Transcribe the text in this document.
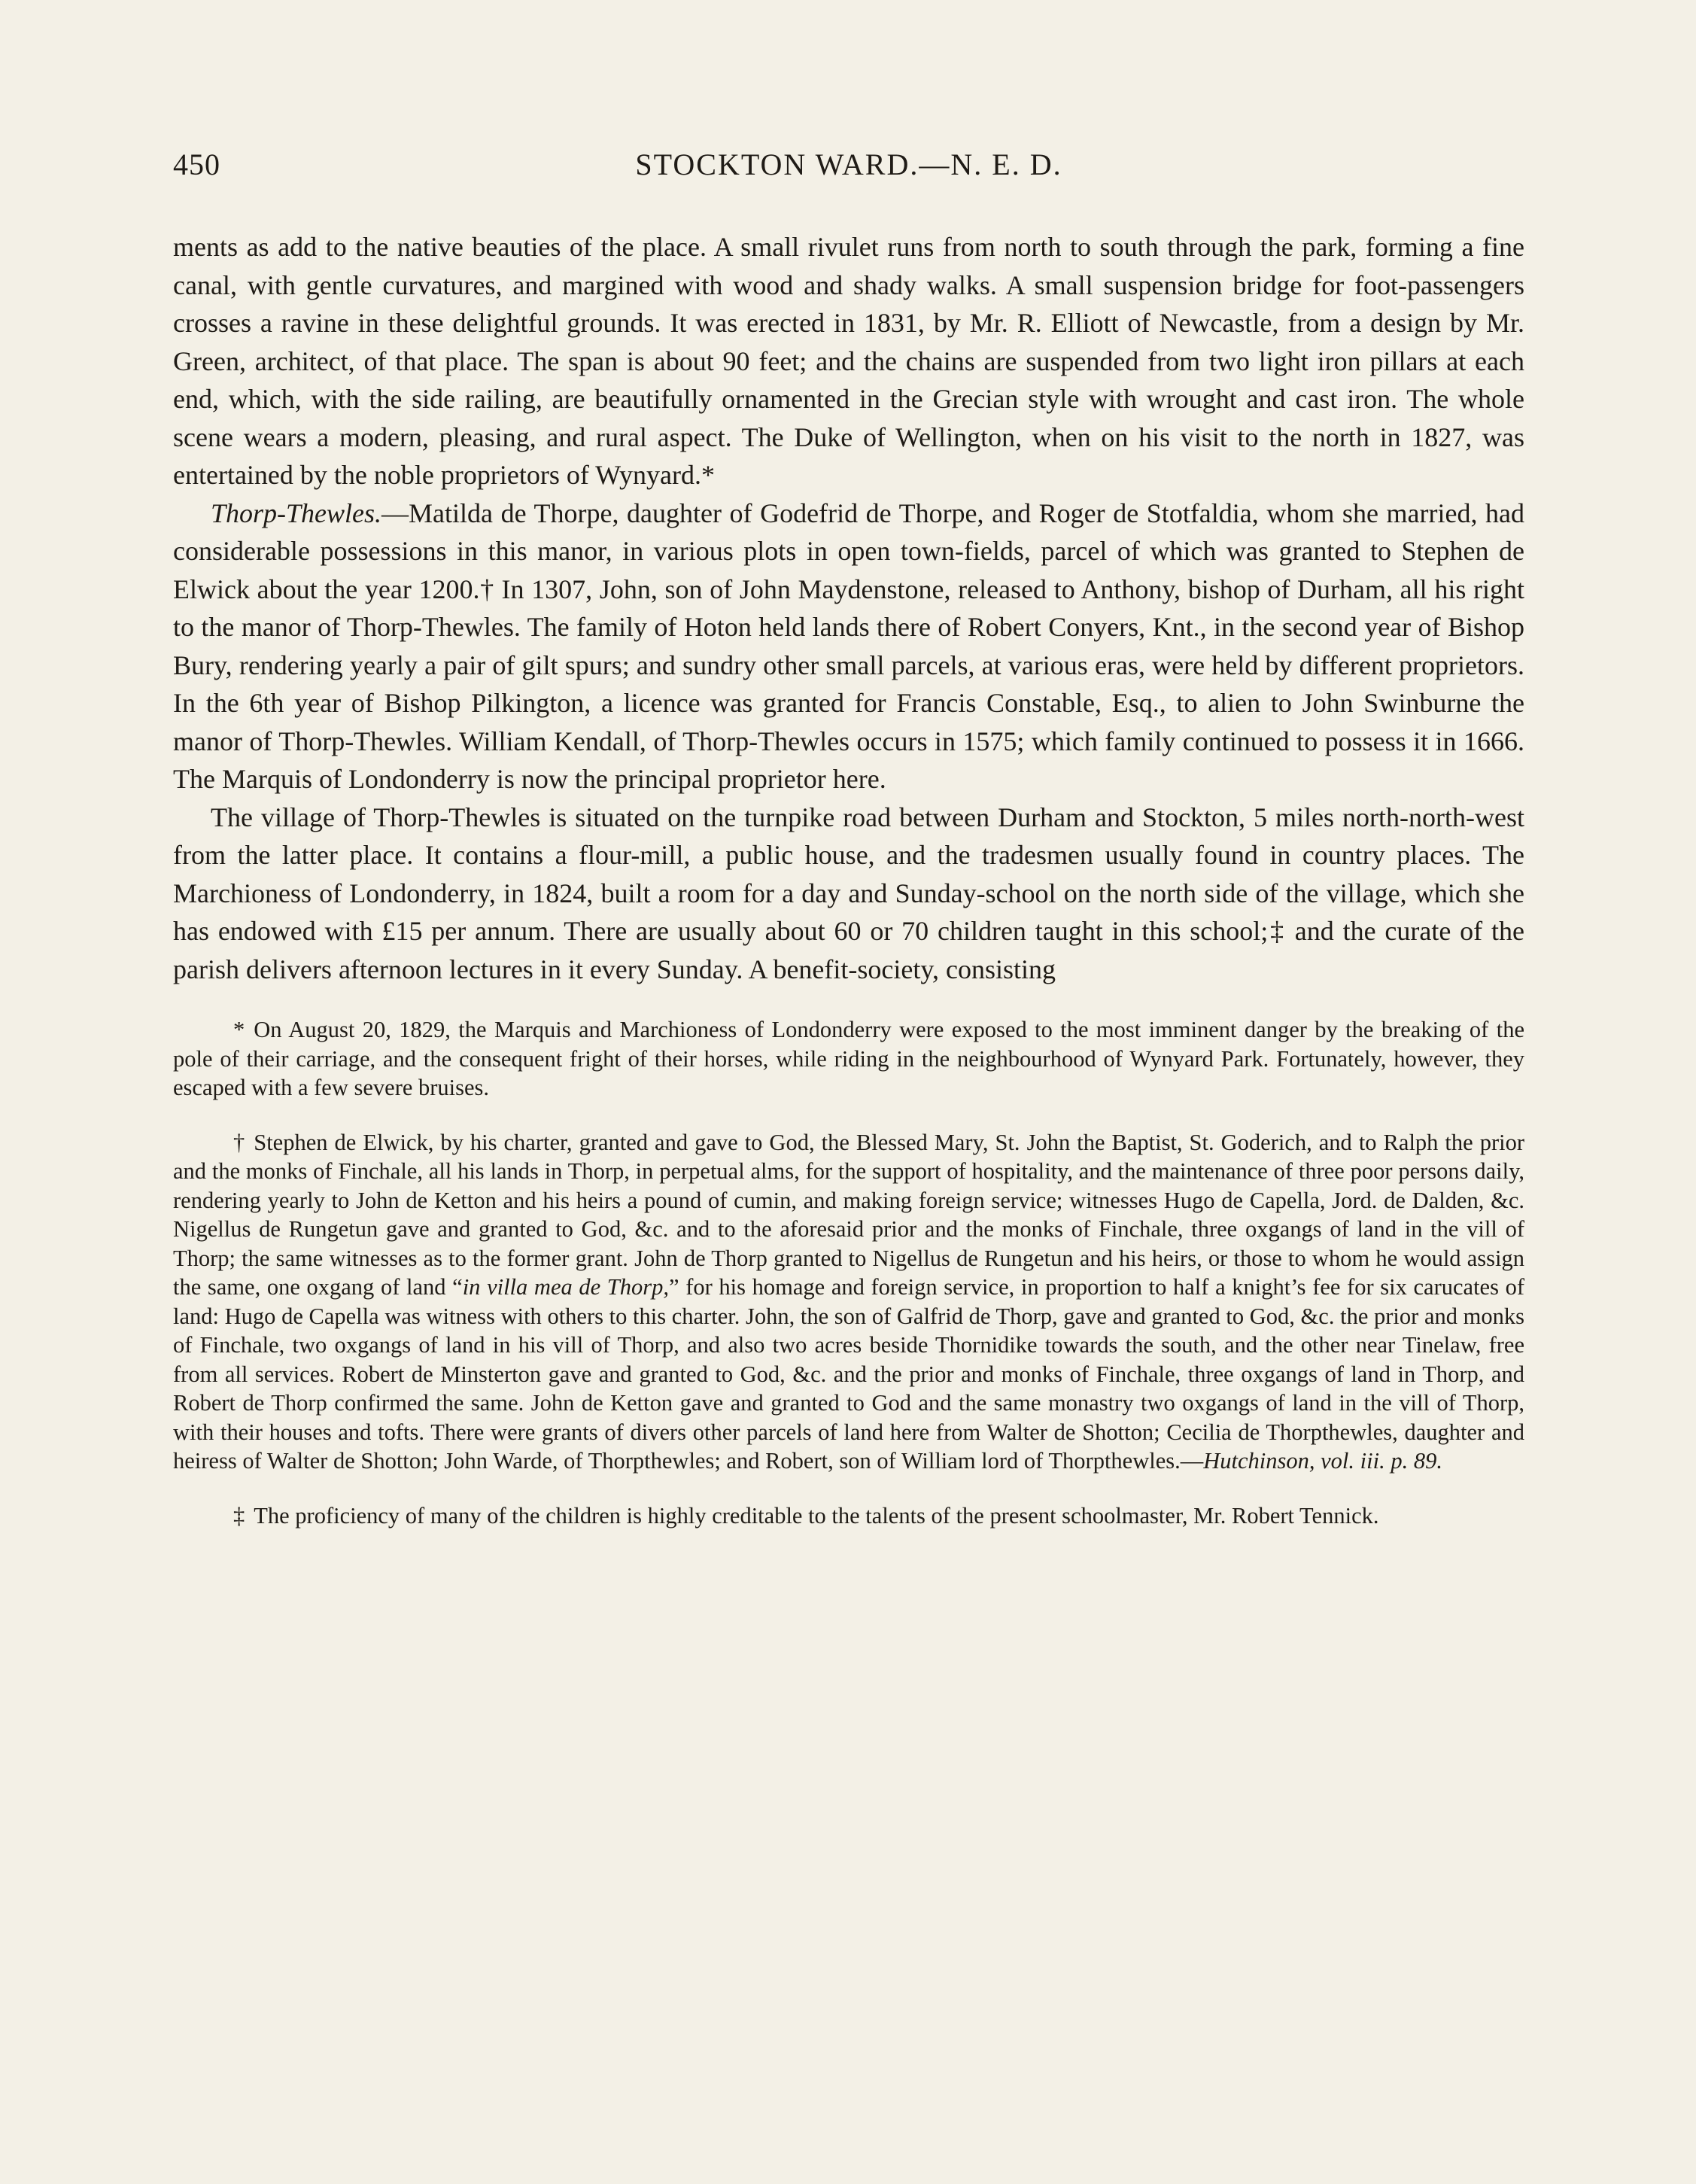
450	STOCKTON WARD.—N. E. D.

ments as add to the native beauties of the place. A small rivulet runs from north to south through the park, forming a fine canal, with gentle curvatures, and margined with wood and shady walks. A small suspension bridge for foot-passengers crosses a ravine in these delightful grounds. It was erected in 1831, by Mr. R. Elliott of Newcastle, from a design by Mr. Green, architect, of that place. The span is about 90 feet; and the chains are suspended from two light iron pillars at each end, which, with the side railing, are beautifully ornamented in the Grecian style with wrought and cast iron. The whole scene wears a modern, pleasing, and rural aspect. The Duke of Wellington, when on his visit to the north in 1827, was entertained by the noble proprietors of Wynyard.*

Thorp-Thewles.—Matilda de Thorpe, daughter of Godefrid de Thorpe, and Roger de Stotfaldia, whom she married, had considerable possessions in this manor, in various plots in open town-fields, parcel of which was granted to Stephen de Elwick about the year 1200.† In 1307, John, son of John Maydenstone, released to Anthony, bishop of Durham, all his right to the manor of Thorp-Thewles. The family of Hoton held lands there of Robert Conyers, Knt., in the second year of Bishop Bury, rendering yearly a pair of gilt spurs; and sundry other small parcels, at various eras, were held by different proprietors. In the 6th year of Bishop Pilkington, a licence was granted for Francis Constable, Esq., to alien to John Swinburne the manor of Thorp-Thewles. William Kendall, of Thorp-Thewles occurs in 1575; which family continued to possess it in 1666. The Marquis of Londonderry is now the principal proprietor here.

The village of Thorp-Thewles is situated on the turnpike road between Durham and Stockton, 5 miles north-north-west from the latter place. It contains a flour-mill, a public house, and the tradesmen usually found in country places. The Marchioness of Londonderry, in 1824, built a room for a day and Sunday-school on the north side of the village, which she has endowed with £15 per annum. There are usually about 60 or 70 children taught in this school;‡ and the curate of the parish delivers afternoon lectures in it every Sunday. A benefit-society, consisting

* On August 20, 1829, the Marquis and Marchioness of Londonderry were exposed to the most imminent danger by the breaking of the pole of their carriage, and the consequent fright of their horses, while riding in the neighbourhood of Wynyard Park. Fortunately, however, they escaped with a few severe bruises.

† Stephen de Elwick, by his charter, granted and gave to God, the Blessed Mary, St. John the Baptist, St. Goderich, and to Ralph the prior and the monks of Finchale, all his lands in Thorp, in perpetual alms, for the support of hospitality, and the maintenance of three poor persons daily, rendering yearly to John de Ketton and his heirs a pound of cumin, and making foreign service; witnesses Hugo de Capella, Jord. de Dalden, &c. Nigellus de Rungetun gave and granted to God, &c. and to the aforesaid prior and the monks of Finchale, three oxgangs of land in the vill of Thorp; the same witnesses as to the former grant. John de Thorp granted to Nigellus de Rungetun and his heirs, or those to whom he would assign the same, one oxgang of land “in villa mea de Thorp,” for his homage and foreign service, in proportion to half a knight’s fee for six carucates of land: Hugo de Capella was witness with others to this charter. John, the son of Galfrid de Thorp, gave and granted to God, &c. the prior and monks of Finchale, two oxgangs of land in his vill of Thorp, and also two acres beside Thornidike towards the south, and the other near Tinelaw, free from all services. Robert de Minsterton gave and granted to God, &c. and the prior and monks of Finchale, three oxgangs of land in Thorp, and Robert de Thorp confirmed the same. John de Ketton gave and granted to God and the same monastry two oxgangs of land in the vill of Thorp, with their houses and tofts. There were grants of divers other parcels of land here from Walter de Shotton; Cecilia de Thorpthewles, daughter and heiress of Walter de Shotton; John Warde, of Thorpthewles; and Robert, son of William lord of Thorpthewles.—Hutchinson, vol. iii. p. 89.

‡ The proficiency of many of the children is highly creditable to the talents of the present schoolmaster, Mr. Robert Tennick.
